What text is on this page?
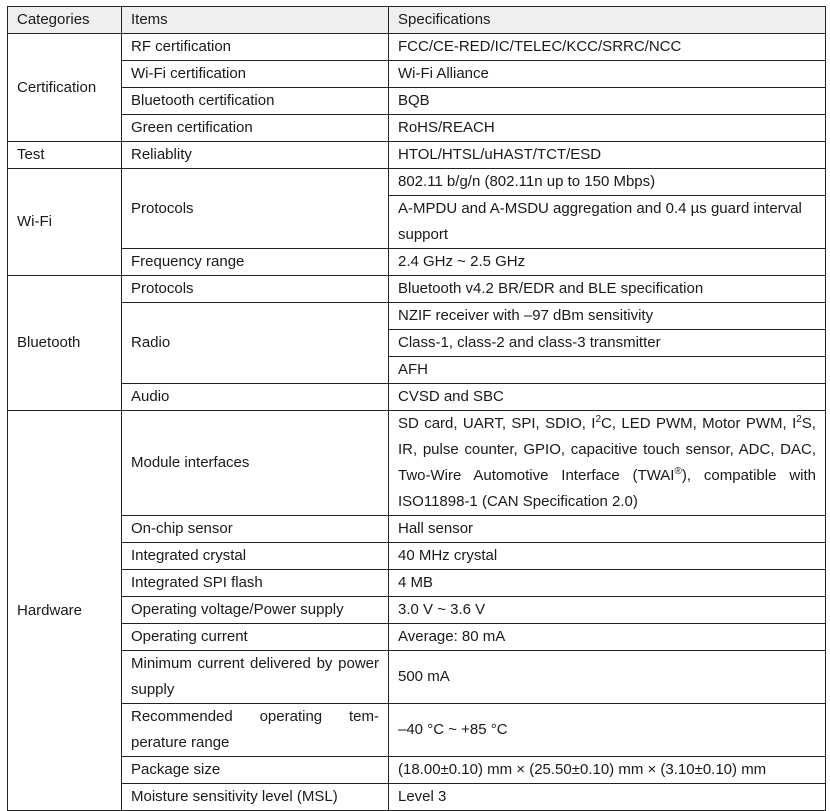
Categories	Items	Specifications
Certification	RF certification	FCC/CE-RED/IC/TELEC/KCC/SRRC/NCC
	Wi-Fi certification	Wi-Fi Alliance
	Bluetooth certification	BQB
	Green certification	RoHS/REACH
Test	Reliablity	HTOL/HTSL/uHAST/TCT/ESD
Wi-Fi	Protocols	802.11 b/g/n (802.11n up to 150 Mbps)
		A-MPDU and A-MSDU aggregation and 0.4 µs guard interval support
	Frequency range	2.4 GHz ~ 2.5 GHz
Bluetooth	Protocols	Bluetooth v4.2 BR/EDR and BLE specification
	Radio	NZIF receiver with –97 dBm sensitivity
		Class-1, class-2 and class-3 transmitter
		AFH
	Audio	CVSD and SBC
Hardware	Module interfaces	SD card, UART, SPI, SDIO, $I^2C$, LED PWM, Motor PWM, $I^2S$, IR, pulse counter, GPIO, capacitive touch sensor, ADC, DAC, Two-Wire Automotive Interface (TWAI®), compatible with ISO11898-1 (CAN Specification 2.0)
	On-chip sensor	Hall sensor
	Integrated crystal	40 MHz crystal
	Integrated SPI flash	4 MB
	Operating voltage/Power supply	3.0 V ~ 3.6 V
	Operating current	Average: 80 mA
	Minimum current delivered by power supply	500 mA
	Recommended operating tem-perature range	–40 °C ~ +85 °C
	Package size	(18.00±0.10) mm × (25.50±0.10) mm × (3.10±0.10) mm
	Moisture sensitivity level (MSL)	Level 3
